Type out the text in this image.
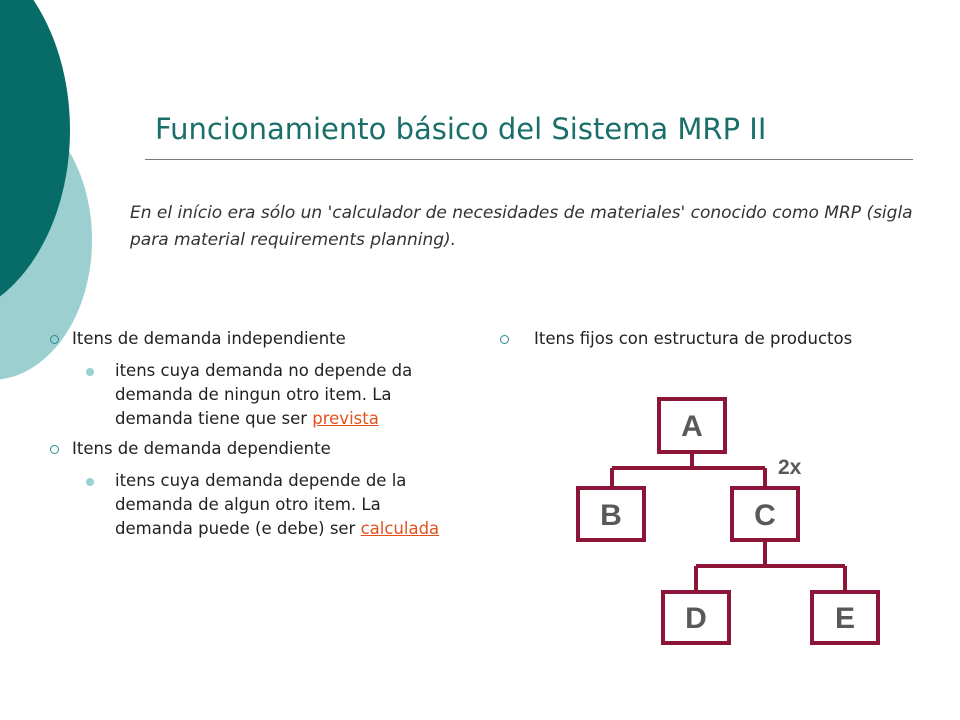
Funcionamiento básico del Sistema MRP II
En el início era sólo un 'calculador de necesidades de materiales' conocido como MRP (sigla para material requirements planning).
Itens de demanda independiente
itens cuya demanda no depende da demanda de ningun otro item. La demanda tiene que ser prevista
Itens de demanda dependiente
itens cuya demanda depende de la demanda de algun otro item. La demanda puede (e debe) ser calculada
Itens fijos con estructura de productos
A
B	C
D	E
2x
